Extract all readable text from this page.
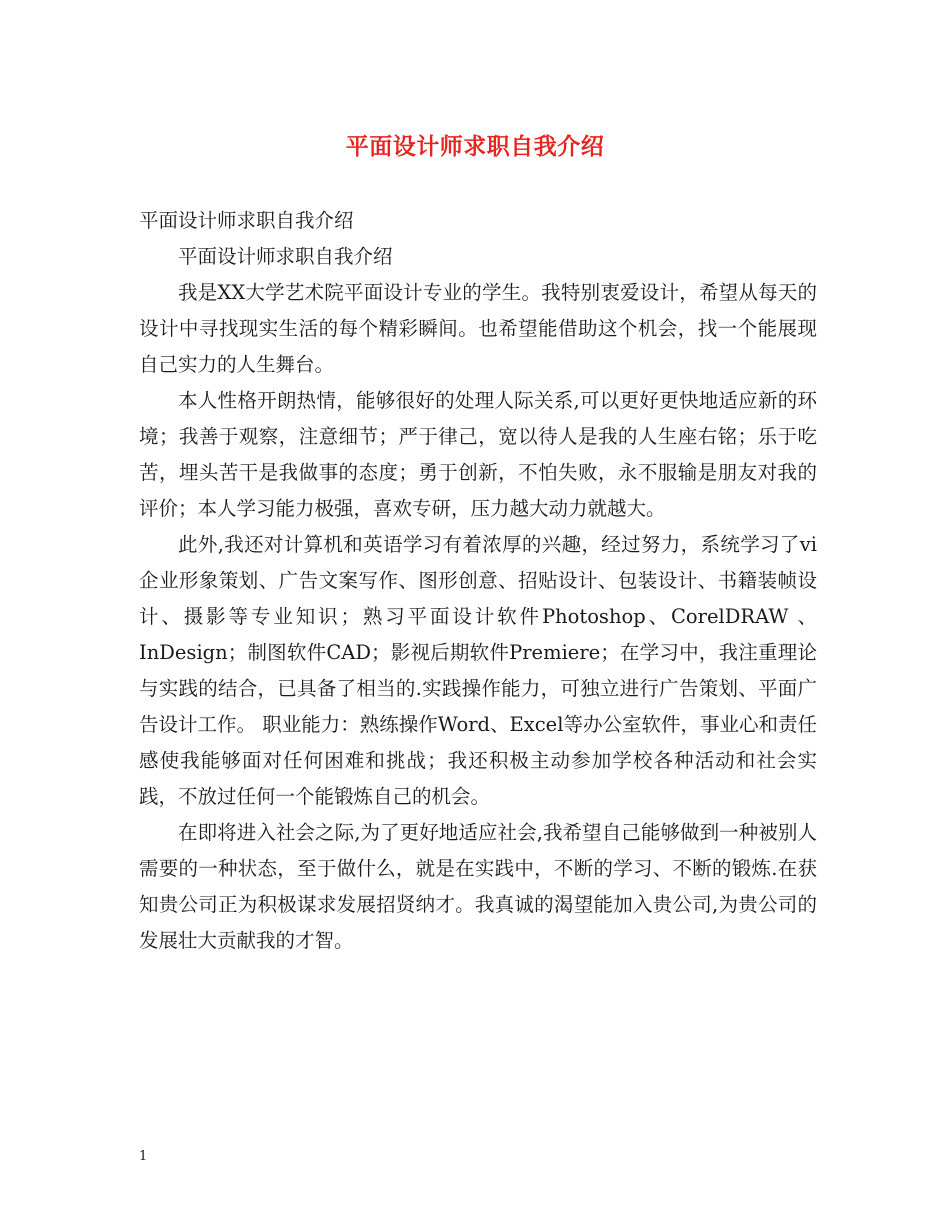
平面设计师求职自我介绍
平面设计师求职自我介绍

平面设计师求职自我介绍

我是XX大学艺术院平面设计专业的学生。我特别衷爱设计，希望从每天的设计中寻找现实生活的每个精彩瞬间。也希望能借助这个机会，找一个能展现自己实力的人生舞台。

本人性格开朗热情，能够很好的处理人际关系,可以更好更快地适应新的环境；我善于观察，注意细节；严于律己，宽以待人是我的人生座右铭；乐于吃苦，埋头苦干是我做事的态度；勇于创新，不怕失败，永不服输是朋友对我的评价；本人学习能力极强，喜欢专研，压力越大动力就越大。

此外,我还对计算机和英语学习有着浓厚的兴趣，经过努力，系统学习了vi企业形象策划、广告文案写作、图形创意、招贴设计、包装设计、书籍装帧设计、摄影等专业知识；熟习平面设计软件Photoshop、CorelDRAW 、InDesign；制图软件CAD；影视后期软件Premiere；在学习中，我注重理论与实践的结合，已具备了相当的.实践操作能力，可独立进行广告策划、平面广告设计工作。 职业能力：熟练操作Word、Excel等办公室软件，事业心和责任感使我能够面对任何困难和挑战；我还积极主动参加学校各种活动和社会实践，不放过任何一个能锻炼自己的机会。

在即将进入社会之际,为了更好地适应社会,我希望自己能够做到一种被别人需要的一种状态，至于做什么，就是在实践中，不断的学习、不断的锻炼.在获知贵公司正为积极谋求发展招贤纳才。我真诚的渴望能加入贵公司,为贵公司的发展壮大贡献我的才智。

1
